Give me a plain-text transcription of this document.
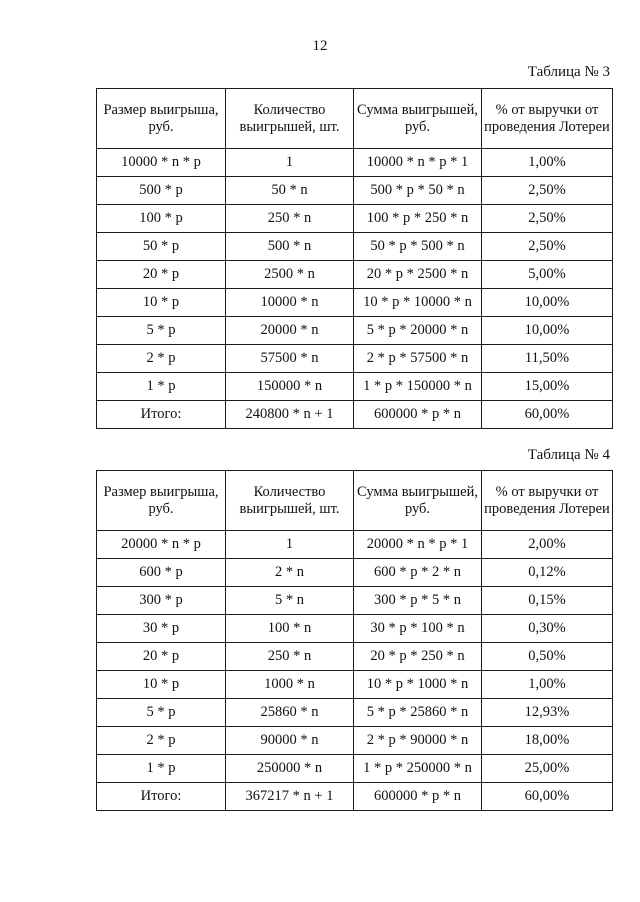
12
Таблица № 3
Размер выигрыша, руб.	Количество выигрышей, шт.	Сумма выигрышей, руб.	% от выручки от проведения Лотереи
10000 * n * p	1	10000 * n * p * 1	1,00%
500 * p	50 * n	500 * p * 50 * n	2,50%
100 * p	250 * n	100 * p * 250 * n	2,50%
50 * p	500 * n	50 * p * 500 * n	2,50%
20 * p	2500 * n	20 * p * 2500 * n	5,00%
10 * p	10000 * n	10 * p * 10000 * n	10,00%
5 * p	20000 * n	5 * p * 20000 * n	10,00%
2 * p	57500 * n	2 * p * 57500 * n	11,50%
1 * p	150000 * n	1 * p * 150000 * n	15,00%
Итого:	240800 * n + 1	600000 * p * n	60,00%
Таблица № 4
Размер выигрыша, руб.	Количество выигрышей, шт.	Сумма выигрышей, руб.	% от выручки от проведения Лотереи
20000 * n * p	1	20000 * n * p * 1	2,00%
600 * p	2 * n	600 * p * 2 * n	0,12%
300 * p	5 * n	300 * p * 5 * n	0,15%
30 * p	100 * n	30 * p * 100 * n	0,30%
20 * p	250 * n	20 * p * 250 * n	0,50%
10 * p	1000 * n	10 * p * 1000 * n	1,00%
5 * p	25860 * n	5 * p * 25860 * n	12,93%
2 * p	90000 * n	2 * p * 90000 * n	18,00%
1 * p	250000 * n	1 * p * 250000 * n	25,00%
Итого:	367217 * n + 1	600000 * p * n	60,00%
